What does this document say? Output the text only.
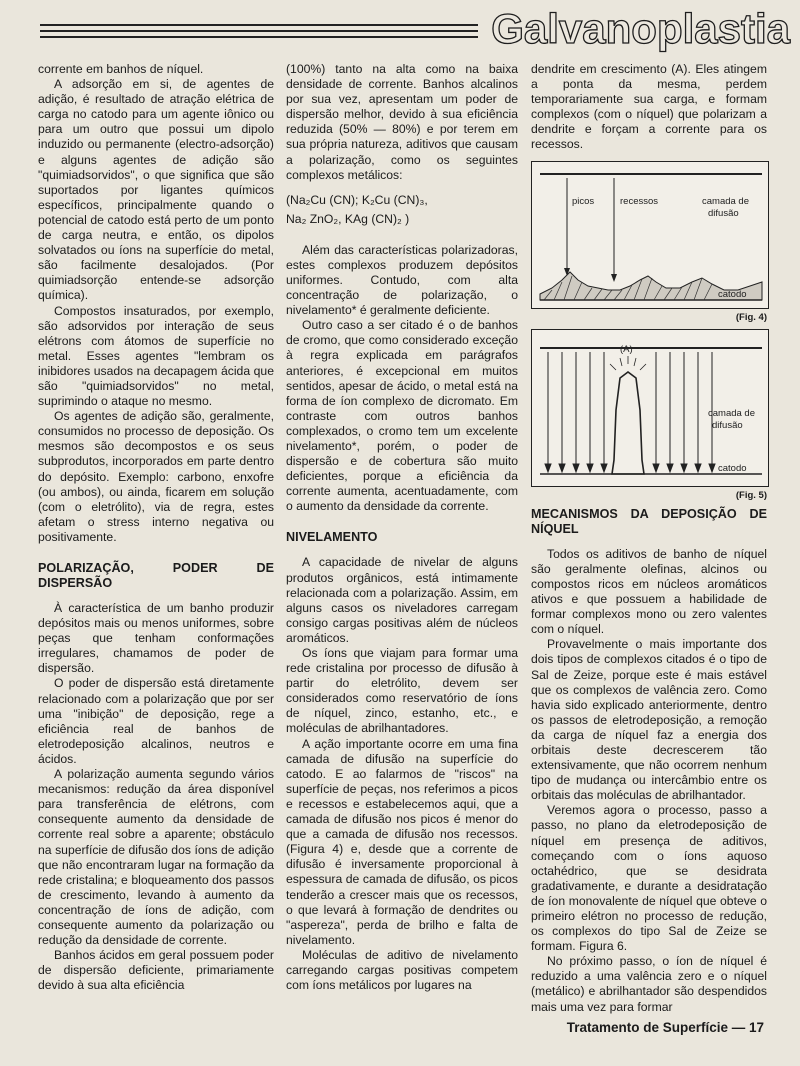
Galvanoplastia

corrente em banhos de níquel.

A adsorção em si, de agentes de adição, é resultado de atração elétrica de carga no catodo para um agente iônico ou para um outro que possui um dipolo induzido ou permanente (electro-adsorção) e alguns agentes de adição são "quimiadsorvidos", o que significa que são suportados por ligantes químicos específicos, principalmente quando o potencial de catodo está perto de um ponto de carga neutra, e então, os dipolos solvatados ou íons na superfície do metal, são facilmente desalojados. (Por quimiadsorção entende-se adsorção química).

Compostos insaturados, por exemplo, são adsorvidos por interação de seus elétrons com átomos de superfície no metal. Esses agentes "lembram os inibidores usados na decapagem ácida que são "quimiadsorvidos" no metal, suprimindo o ataque no mesmo.

Os agentes de adição são, geralmente, consumidos no processo de deposição. Os mesmos são decompostos e os seus subprodutos, incorporados em parte dentro do depósito. Exemplo: carbono, enxofre (ou ambos), ou ainda, ficarem em solução (com o eletrólito), via de regra, estes afetam o stress interno negativa ou positivamente.

POLARIZAÇÃO, PODER DE DISPERSÃO

À característica de um banho produzir depósitos mais ou menos uniformes, sobre peças que tenham conformações irregulares, chamamos de poder de dispersão.

O poder de dispersão está diretamente relacionado com a polarização que por ser uma "inibição" de deposição, rege a eficiência real de banhos de eletrodeposição alcalinos, neutros e ácidos.

A polarização aumenta segundo vários mecanismos: redução da área disponível para transferência de elétrons, com consequente aumento da densidade de corrente real sobre a aparente; obstáculo na superfície de difusão dos íons de adição que não encontraram lugar na formação da rede cristalina; e bloqueamento dos passos de crescimento, levando à aumento da concentração de íons de adição, com consequente aumento da polarização ou redução da densidade de corrente.

Banhos ácidos em geral possuem poder de dispersão deficiente, primariamente devido à sua alta eficiência

(100%) tanto na alta como na baixa densidade de corrente. Banhos alcalinos por sua vez, apresentam um poder de dispersão melhor, devido à sua eficiência reduzida (50% — 80%) e por terem em sua própria natureza, aditivos que causam a polarização, como os seguintes complexos metálicos:

(Na₂Cu (CN); K₂Cu (CN)₃,
Na₂ ZnO₂, KAg (CN)₂ )

Além das características polarizadoras, estes complexos produzem depósitos uniformes. Contudo, com alta concentração de polarização, o nivelamento* é geralmente deficiente.

Outro caso a ser citado é o de banhos de cromo, que como considerado exceção à regra explicada em parágrafos anteriores, é excepcional em muitos sentidos, apesar de ácido, o metal está na forma de íon complexo de dicromato. Em contraste com outros banhos complexados, o cromo tem um excelente nivelamento*, porém, o poder de dispersão e de cobertura são muito deficientes, porque a eficiência da corrente aumenta, acentuadamente, com o aumento da densidade da corrente.

NIVELAMENTO

A capacidade de nivelar de alguns produtos orgânicos, está intimamente relacionada com a polarização. Assim, em alguns casos os niveladores carregam consigo cargas positivas além de núcleos aromáticos.

Os íons que viajam para formar uma rede cristalina por processo de difusão à partir do eletrólito, devem ser considerados como reservatório de íons de níquel, zinco, estanho, etc., e moléculas de abrilhantadores.

A ação importante ocorre em uma fina camada de difusão na superfície do catodo. E ao falarmos de "riscos" na superfície de peças, nos referimos a picos e recessos e estabelecemos aqui, que a camada de difusão nos picos é menor do que a camada de difusão nos recessos. (Figura 4) e, desde que a corrente de difusão é inversamente proporcional à espessura de camada de difusão, os picos tenderão a crescer mais que os recessos, o que levará à formação de dendrites ou "aspereza", perda de brilho e falta de nivelamento.

Moléculas de aditivo de nivelamento carregando cargas positivas competem com íons metálicos por lugares na

dendrite em crescimento (A). Eles atingem a ponta da mesma, perdem temporariamente sua carga, e formam complexos (com o níquel) que polarizam a dendrite e forçam a corrente para os recessos.

picos	recessos	camada de
difusão
catodo
(Fig. 4)
(A)
camada de
difusão
catodo
(Fig. 5)
MECANISMOS DA DEPOSIÇÃO DE NÍQUEL

Todos os aditivos de banho de níquel são geralmente olefinas, alcinos ou compostos ricos em núcleos aromáticos ativos e que possuem a habilidade de formar complexos mono ou zero valentes com o níquel.

Provavelmente o mais importante dos dois tipos de complexos citados é o tipo de Sal de Zeize, porque este é mais estável que os complexos de valência zero. Como havia sido explicado anteriormente, dentro os passos de eletrodeposição, a remoção da carga de níquel faz a energia dos orbitais deste decrescerem tão extensivamente, que não ocorrem nenhum tipo de mudança ou intercâmbio entre os orbitais das moléculas de abrilhantador.

Veremos agora o processo, passo a passo, no plano da eletrodeposição de níquel em presença de aditivos, começando com o íons aquoso octahédrico, que se desidrata gradativamente, e durante a desidratação de íon monovalente de níquel que obteve o primeiro elétron no processo de redução, os complexos do tipo Sal de Zeize se formam. Figura 6.

No próximo passo, o íon de níquel é reduzido a uma valência zero e o níquel (metálico) e abrilhantador são despendidos mais uma vez para formar

Tratamento de Superfície — 17
